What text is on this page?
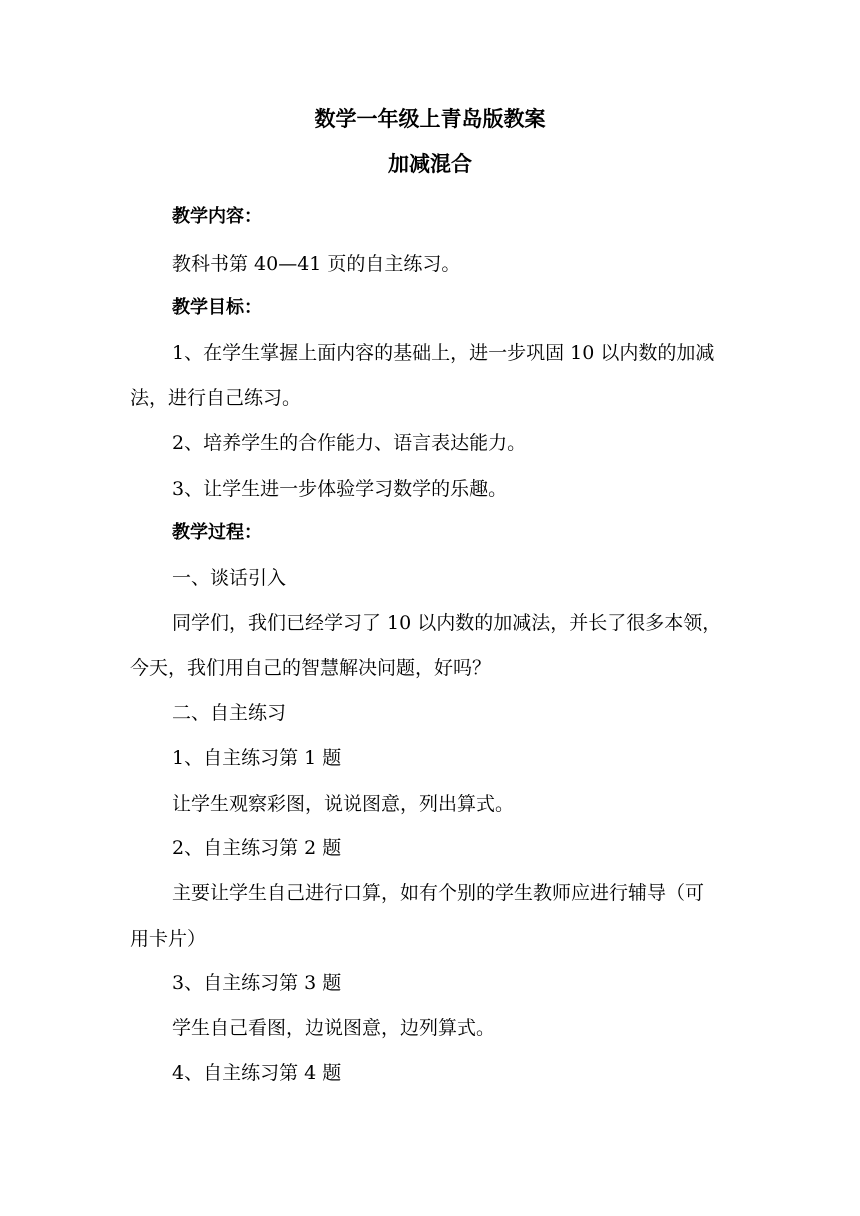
数学一年级上青岛版教案
加减混合

教学内容：

教科书第 40—41 页的自主练习。

教学目标：

1、在学生掌握上面内容的基础上，进一步巩固 10 以内数的加减

法，进行自己练习。

2、培养学生的合作能力、语言表达能力。

3、让学生进一步体验学习数学的乐趣。

教学过程：

一、谈话引入

同学们，我们已经学习了 10 以内数的加减法，并长了很多本领，

今天，我们用自己的智慧解决问题，好吗？

二、自主练习

1、自主练习第 1 题

让学生观察彩图，说说图意，列出算式。

2、自主练习第 2 题

主要让学生自己进行口算，如有个别的学生教师应进行辅导（可

用卡片）

3、自主练习第 3 题

学生自己看图，边说图意，边列算式。

4、自主练习第 4 题
